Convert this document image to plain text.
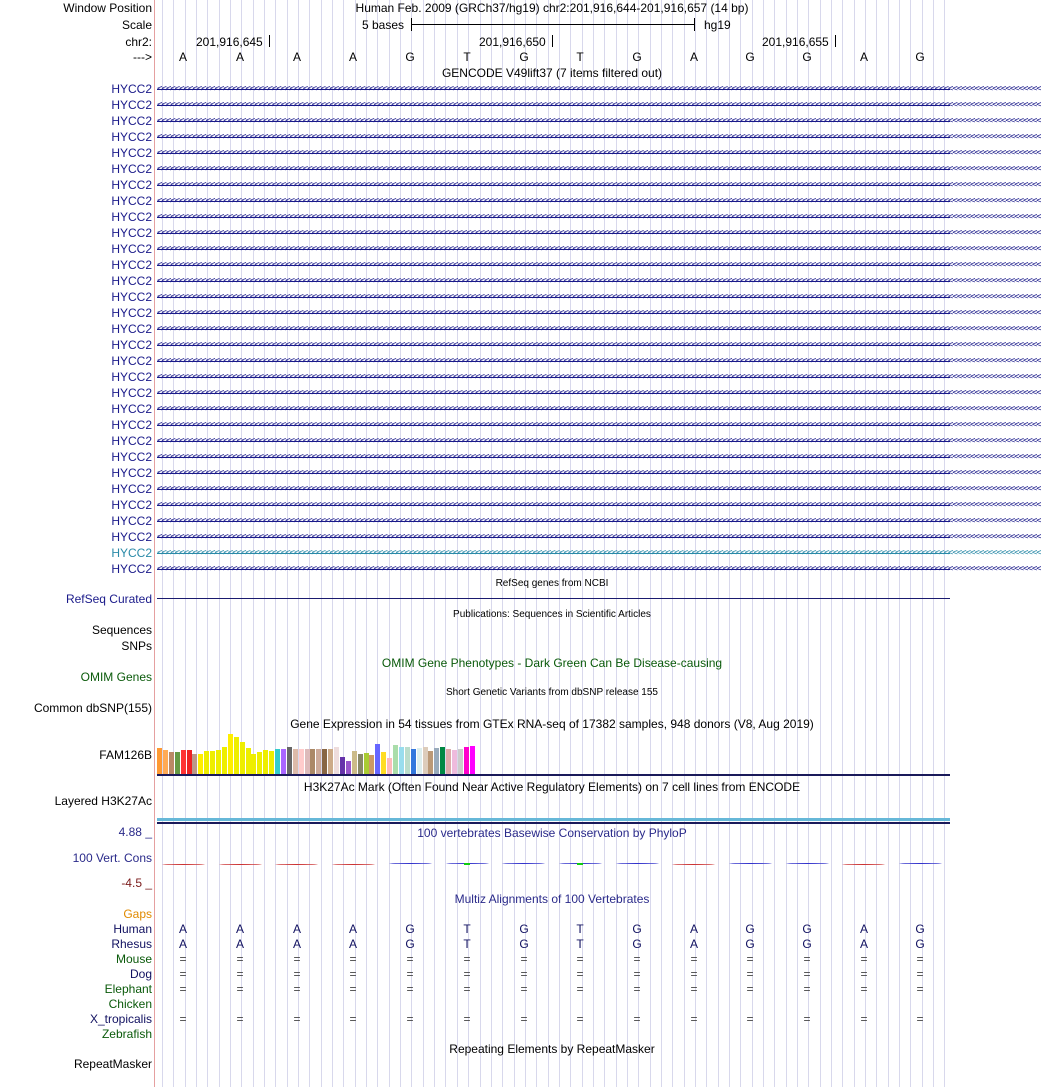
Window Position	Human Feb. 2009 (GRCh37/hg19) chr2:201,916,644-201,916,657 (14 bp)
Scale	5 bases	hg19
chr2:	201,916,645	201,916,650	201,916,655
---> A	A	A	A	G	T	G	T	G	A	G	G	A	G
GENCODE V49lift37 (7 items filtered out)
HYCC2 <<<<<<<<<<<<<<<<<<<<<<<<<<<<<<<<<<<<<<<<<<<<<<<<<<<<<<<<<<<<<<<<<<<<<<<<<<<<<<<<<<<<<<<<<<<<<<<<<<<<<<<<<<<<<<<<<<<<<<<<<<<<<<<<<<<<<<<<<<<<<<<<<<<<<<<<<<<<<<<<<<<<<<<<<<<<<<<<<<<<<<<<<<<<<<<<<<<<<<<<
HYCC2 <<<<<<<<<<<<<<<<<<<<<<<<<<<<<<<<<<<<<<<<<<<<<<<<<<<<<<<<<<<<<<<<<<<<<<<<<<<<<<<<<<<<<<<<<<<<<<<<<<<<<<<<<<<<<<<<<<<<<<<<<<<<<<<<<<<<<<<<<<<<<<<<<<<<<<<<<<<<<<<<<<<<<<<<<<<<<<<<<<<<<<<<<<<<<<<<<<<<<<<<
HYCC2 <<<<<<<<<<<<<<<<<<<<<<<<<<<<<<<<<<<<<<<<<<<<<<<<<<<<<<<<<<<<<<<<<<<<<<<<<<<<<<<<<<<<<<<<<<<<<<<<<<<<<<<<<<<<<<<<<<<<<<<<<<<<<<<<<<<<<<<<<<<<<<<<<<<<<<<<<<<<<<<<<<<<<<<<<<<<<<<<<<<<<<<<<<<<<<<<<<<<<<<<
HYCC2 <<<<<<<<<<<<<<<<<<<<<<<<<<<<<<<<<<<<<<<<<<<<<<<<<<<<<<<<<<<<<<<<<<<<<<<<<<<<<<<<<<<<<<<<<<<<<<<<<<<<<<<<<<<<<<<<<<<<<<<<<<<<<<<<<<<<<<<<<<<<<<<<<<<<<<<<<<<<<<<<<<<<<<<<<<<<<<<<<<<<<<<<<<<<<<<<<<<<<<<<
HYCC2 <<<<<<<<<<<<<<<<<<<<<<<<<<<<<<<<<<<<<<<<<<<<<<<<<<<<<<<<<<<<<<<<<<<<<<<<<<<<<<<<<<<<<<<<<<<<<<<<<<<<<<<<<<<<<<<<<<<<<<<<<<<<<<<<<<<<<<<<<<<<<<<<<<<<<<<<<<<<<<<<<<<<<<<<<<<<<<<<<<<<<<<<<<<<<<<<<<<<<<<<
HYCC2 <<<<<<<<<<<<<<<<<<<<<<<<<<<<<<<<<<<<<<<<<<<<<<<<<<<<<<<<<<<<<<<<<<<<<<<<<<<<<<<<<<<<<<<<<<<<<<<<<<<<<<<<<<<<<<<<<<<<<<<<<<<<<<<<<<<<<<<<<<<<<<<<<<<<<<<<<<<<<<<<<<<<<<<<<<<<<<<<<<<<<<<<<<<<<<<<<<<<<<<<
HYCC2 <<<<<<<<<<<<<<<<<<<<<<<<<<<<<<<<<<<<<<<<<<<<<<<<<<<<<<<<<<<<<<<<<<<<<<<<<<<<<<<<<<<<<<<<<<<<<<<<<<<<<<<<<<<<<<<<<<<<<<<<<<<<<<<<<<<<<<<<<<<<<<<<<<<<<<<<<<<<<<<<<<<<<<<<<<<<<<<<<<<<<<<<<<<<<<<<<<<<<<<<
HYCC2 <<<<<<<<<<<<<<<<<<<<<<<<<<<<<<<<<<<<<<<<<<<<<<<<<<<<<<<<<<<<<<<<<<<<<<<<<<<<<<<<<<<<<<<<<<<<<<<<<<<<<<<<<<<<<<<<<<<<<<<<<<<<<<<<<<<<<<<<<<<<<<<<<<<<<<<<<<<<<<<<<<<<<<<<<<<<<<<<<<<<<<<<<<<<<<<<<<<<<<<<
HYCC2 <<<<<<<<<<<<<<<<<<<<<<<<<<<<<<<<<<<<<<<<<<<<<<<<<<<<<<<<<<<<<<<<<<<<<<<<<<<<<<<<<<<<<<<<<<<<<<<<<<<<<<<<<<<<<<<<<<<<<<<<<<<<<<<<<<<<<<<<<<<<<<<<<<<<<<<<<<<<<<<<<<<<<<<<<<<<<<<<<<<<<<<<<<<<<<<<<<<<<<<<
HYCC2 <<<<<<<<<<<<<<<<<<<<<<<<<<<<<<<<<<<<<<<<<<<<<<<<<<<<<<<<<<<<<<<<<<<<<<<<<<<<<<<<<<<<<<<<<<<<<<<<<<<<<<<<<<<<<<<<<<<<<<<<<<<<<<<<<<<<<<<<<<<<<<<<<<<<<<<<<<<<<<<<<<<<<<<<<<<<<<<<<<<<<<<<<<<<<<<<<<<<<<<<
HYCC2 <<<<<<<<<<<<<<<<<<<<<<<<<<<<<<<<<<<<<<<<<<<<<<<<<<<<<<<<<<<<<<<<<<<<<<<<<<<<<<<<<<<<<<<<<<<<<<<<<<<<<<<<<<<<<<<<<<<<<<<<<<<<<<<<<<<<<<<<<<<<<<<<<<<<<<<<<<<<<<<<<<<<<<<<<<<<<<<<<<<<<<<<<<<<<<<<<<<<<<<<
HYCC2 <<<<<<<<<<<<<<<<<<<<<<<<<<<<<<<<<<<<<<<<<<<<<<<<<<<<<<<<<<<<<<<<<<<<<<<<<<<<<<<<<<<<<<<<<<<<<<<<<<<<<<<<<<<<<<<<<<<<<<<<<<<<<<<<<<<<<<<<<<<<<<<<<<<<<<<<<<<<<<<<<<<<<<<<<<<<<<<<<<<<<<<<<<<<<<<<<<<<<<<<
HYCC2 <<<<<<<<<<<<<<<<<<<<<<<<<<<<<<<<<<<<<<<<<<<<<<<<<<<<<<<<<<<<<<<<<<<<<<<<<<<<<<<<<<<<<<<<<<<<<<<<<<<<<<<<<<<<<<<<<<<<<<<<<<<<<<<<<<<<<<<<<<<<<<<<<<<<<<<<<<<<<<<<<<<<<<<<<<<<<<<<<<<<<<<<<<<<<<<<<<<<<<<<
HYCC2 <<<<<<<<<<<<<<<<<<<<<<<<<<<<<<<<<<<<<<<<<<<<<<<<<<<<<<<<<<<<<<<<<<<<<<<<<<<<<<<<<<<<<<<<<<<<<<<<<<<<<<<<<<<<<<<<<<<<<<<<<<<<<<<<<<<<<<<<<<<<<<<<<<<<<<<<<<<<<<<<<<<<<<<<<<<<<<<<<<<<<<<<<<<<<<<<<<<<<<<<
HYCC2 <<<<<<<<<<<<<<<<<<<<<<<<<<<<<<<<<<<<<<<<<<<<<<<<<<<<<<<<<<<<<<<<<<<<<<<<<<<<<<<<<<<<<<<<<<<<<<<<<<<<<<<<<<<<<<<<<<<<<<<<<<<<<<<<<<<<<<<<<<<<<<<<<<<<<<<<<<<<<<<<<<<<<<<<<<<<<<<<<<<<<<<<<<<<<<<<<<<<<<<<
HYCC2 <<<<<<<<<<<<<<<<<<<<<<<<<<<<<<<<<<<<<<<<<<<<<<<<<<<<<<<<<<<<<<<<<<<<<<<<<<<<<<<<<<<<<<<<<<<<<<<<<<<<<<<<<<<<<<<<<<<<<<<<<<<<<<<<<<<<<<<<<<<<<<<<<<<<<<<<<<<<<<<<<<<<<<<<<<<<<<<<<<<<<<<<<<<<<<<<<<<<<<<<
HYCC2 <<<<<<<<<<<<<<<<<<<<<<<<<<<<<<<<<<<<<<<<<<<<<<<<<<<<<<<<<<<<<<<<<<<<<<<<<<<<<<<<<<<<<<<<<<<<<<<<<<<<<<<<<<<<<<<<<<<<<<<<<<<<<<<<<<<<<<<<<<<<<<<<<<<<<<<<<<<<<<<<<<<<<<<<<<<<<<<<<<<<<<<<<<<<<<<<<<<<<<<<
HYCC2 <<<<<<<<<<<<<<<<<<<<<<<<<<<<<<<<<<<<<<<<<<<<<<<<<<<<<<<<<<<<<<<<<<<<<<<<<<<<<<<<<<<<<<<<<<<<<<<<<<<<<<<<<<<<<<<<<<<<<<<<<<<<<<<<<<<<<<<<<<<<<<<<<<<<<<<<<<<<<<<<<<<<<<<<<<<<<<<<<<<<<<<<<<<<<<<<<<<<<<<<
HYCC2 <<<<<<<<<<<<<<<<<<<<<<<<<<<<<<<<<<<<<<<<<<<<<<<<<<<<<<<<<<<<<<<<<<<<<<<<<<<<<<<<<<<<<<<<<<<<<<<<<<<<<<<<<<<<<<<<<<<<<<<<<<<<<<<<<<<<<<<<<<<<<<<<<<<<<<<<<<<<<<<<<<<<<<<<<<<<<<<<<<<<<<<<<<<<<<<<<<<<<<<<
HYCC2 <<<<<<<<<<<<<<<<<<<<<<<<<<<<<<<<<<<<<<<<<<<<<<<<<<<<<<<<<<<<<<<<<<<<<<<<<<<<<<<<<<<<<<<<<<<<<<<<<<<<<<<<<<<<<<<<<<<<<<<<<<<<<<<<<<<<<<<<<<<<<<<<<<<<<<<<<<<<<<<<<<<<<<<<<<<<<<<<<<<<<<<<<<<<<<<<<<<<<<<<
HYCC2 <<<<<<<<<<<<<<<<<<<<<<<<<<<<<<<<<<<<<<<<<<<<<<<<<<<<<<<<<<<<<<<<<<<<<<<<<<<<<<<<<<<<<<<<<<<<<<<<<<<<<<<<<<<<<<<<<<<<<<<<<<<<<<<<<<<<<<<<<<<<<<<<<<<<<<<<<<<<<<<<<<<<<<<<<<<<<<<<<<<<<<<<<<<<<<<<<<<<<<<<
HYCC2 <<<<<<<<<<<<<<<<<<<<<<<<<<<<<<<<<<<<<<<<<<<<<<<<<<<<<<<<<<<<<<<<<<<<<<<<<<<<<<<<<<<<<<<<<<<<<<<<<<<<<<<<<<<<<<<<<<<<<<<<<<<<<<<<<<<<<<<<<<<<<<<<<<<<<<<<<<<<<<<<<<<<<<<<<<<<<<<<<<<<<<<<<<<<<<<<<<<<<<<<
HYCC2 <<<<<<<<<<<<<<<<<<<<<<<<<<<<<<<<<<<<<<<<<<<<<<<<<<<<<<<<<<<<<<<<<<<<<<<<<<<<<<<<<<<<<<<<<<<<<<<<<<<<<<<<<<<<<<<<<<<<<<<<<<<<<<<<<<<<<<<<<<<<<<<<<<<<<<<<<<<<<<<<<<<<<<<<<<<<<<<<<<<<<<<<<<<<<<<<<<<<<<<<
HYCC2 <<<<<<<<<<<<<<<<<<<<<<<<<<<<<<<<<<<<<<<<<<<<<<<<<<<<<<<<<<<<<<<<<<<<<<<<<<<<<<<<<<<<<<<<<<<<<<<<<<<<<<<<<<<<<<<<<<<<<<<<<<<<<<<<<<<<<<<<<<<<<<<<<<<<<<<<<<<<<<<<<<<<<<<<<<<<<<<<<<<<<<<<<<<<<<<<<<<<<<<<
HYCC2 <<<<<<<<<<<<<<<<<<<<<<<<<<<<<<<<<<<<<<<<<<<<<<<<<<<<<<<<<<<<<<<<<<<<<<<<<<<<<<<<<<<<<<<<<<<<<<<<<<<<<<<<<<<<<<<<<<<<<<<<<<<<<<<<<<<<<<<<<<<<<<<<<<<<<<<<<<<<<<<<<<<<<<<<<<<<<<<<<<<<<<<<<<<<<<<<<<<<<<<<
HYCC2 <<<<<<<<<<<<<<<<<<<<<<<<<<<<<<<<<<<<<<<<<<<<<<<<<<<<<<<<<<<<<<<<<<<<<<<<<<<<<<<<<<<<<<<<<<<<<<<<<<<<<<<<<<<<<<<<<<<<<<<<<<<<<<<<<<<<<<<<<<<<<<<<<<<<<<<<<<<<<<<<<<<<<<<<<<<<<<<<<<<<<<<<<<<<<<<<<<<<<<<<
HYCC2 <<<<<<<<<<<<<<<<<<<<<<<<<<<<<<<<<<<<<<<<<<<<<<<<<<<<<<<<<<<<<<<<<<<<<<<<<<<<<<<<<<<<<<<<<<<<<<<<<<<<<<<<<<<<<<<<<<<<<<<<<<<<<<<<<<<<<<<<<<<<<<<<<<<<<<<<<<<<<<<<<<<<<<<<<<<<<<<<<<<<<<<<<<<<<<<<<<<<<<<<
HYCC2 <<<<<<<<<<<<<<<<<<<<<<<<<<<<<<<<<<<<<<<<<<<<<<<<<<<<<<<<<<<<<<<<<<<<<<<<<<<<<<<<<<<<<<<<<<<<<<<<<<<<<<<<<<<<<<<<<<<<<<<<<<<<<<<<<<<<<<<<<<<<<<<<<<<<<<<<<<<<<<<<<<<<<<<<<<<<<<<<<<<<<<<<<<<<<<<<<<<<<<<<
HYCC2 <<<<<<<<<<<<<<<<<<<<<<<<<<<<<<<<<<<<<<<<<<<<<<<<<<<<<<<<<<<<<<<<<<<<<<<<<<<<<<<<<<<<<<<<<<<<<<<<<<<<<<<<<<<<<<<<<<<<<<<<<<<<<<<<<<<<<<<<<<<<<<<<<<<<<<<<<<<<<<<<<<<<<<<<<<<<<<<<<<<<<<<<<<<<<<<<<<<<<<<<
HYCC2 <<<<<<<<<<<<<<<<<<<<<<<<<<<<<<<<<<<<<<<<<<<<<<<<<<<<<<<<<<<<<<<<<<<<<<<<<<<<<<<<<<<<<<<<<<<<<<<<<<<<<<<<<<<<<<<<<<<<<<<<<<<<<<<<<<<<<<<<<<<<<<<<<<<<<<<<<<<<<<<<<<<<<<<<<<<<<<<<<<<<<<<<<<<<<<<<<<<<<<<<
HYCC2 <<<<<<<<<<<<<<<<<<<<<<<<<<<<<<<<<<<<<<<<<<<<<<<<<<<<<<<<<<<<<<<<<<<<<<<<<<<<<<<<<<<<<<<<<<<<<<<<<<<<<<<<<<<<<<<<<<<<<<<<<<<<<<<<<<<<<<<<<<<<<<<<<<<<<<<<<<<<<<<<<<<<<<<<<<<<<<<<<<<<<<<<<<<<<<<<<<<<<<<<
RefSeq genes from NCBI
RefSeq Curated
Publications: Sequences in Scientific Articles
Sequences
SNPs
OMIM Gene Phenotypes - Dark Green Can Be Disease-causing
OMIM Genes
Short Genetic Variants from dbSNP release 155
Common dbSNP(155)
Gene Expression in 54 tissues from GTEx RNA-seq of 17382 samples, 948 donors (V8, Aug 2019)
FAM126B
H3K27Ac Mark (Often Found Near Active Regulatory Elements) on 7 cell lines from ENCODE
Layered H3K27Ac
4.88 _	100 vertebrates Basewise Conservation by PhyloP
100 Vert. Cons
-4.5 _
Multiz Alignments of 100 Vertebrates
Gaps
Human A	A	A	A	G	T	G	T	G	A	G	G	A	G
Rhesus A	A	A	A	G	T	G	T	G	A	G	G	A	G
Mouse =	=	=	=	=	=	=	=	=	=	=	=	=	=
Dog =	=	=	=	=	=	=	=	=	=	=	=	=	=
Elephant =	=	=	=	=	=	=	=	=	=	=	=	=	=
Chicken
X_tropicalis =	=	=	=	=	=	=	=	=	=	=	=	=	=
Zebrafish
Repeating Elements by RepeatMasker
RepeatMasker
